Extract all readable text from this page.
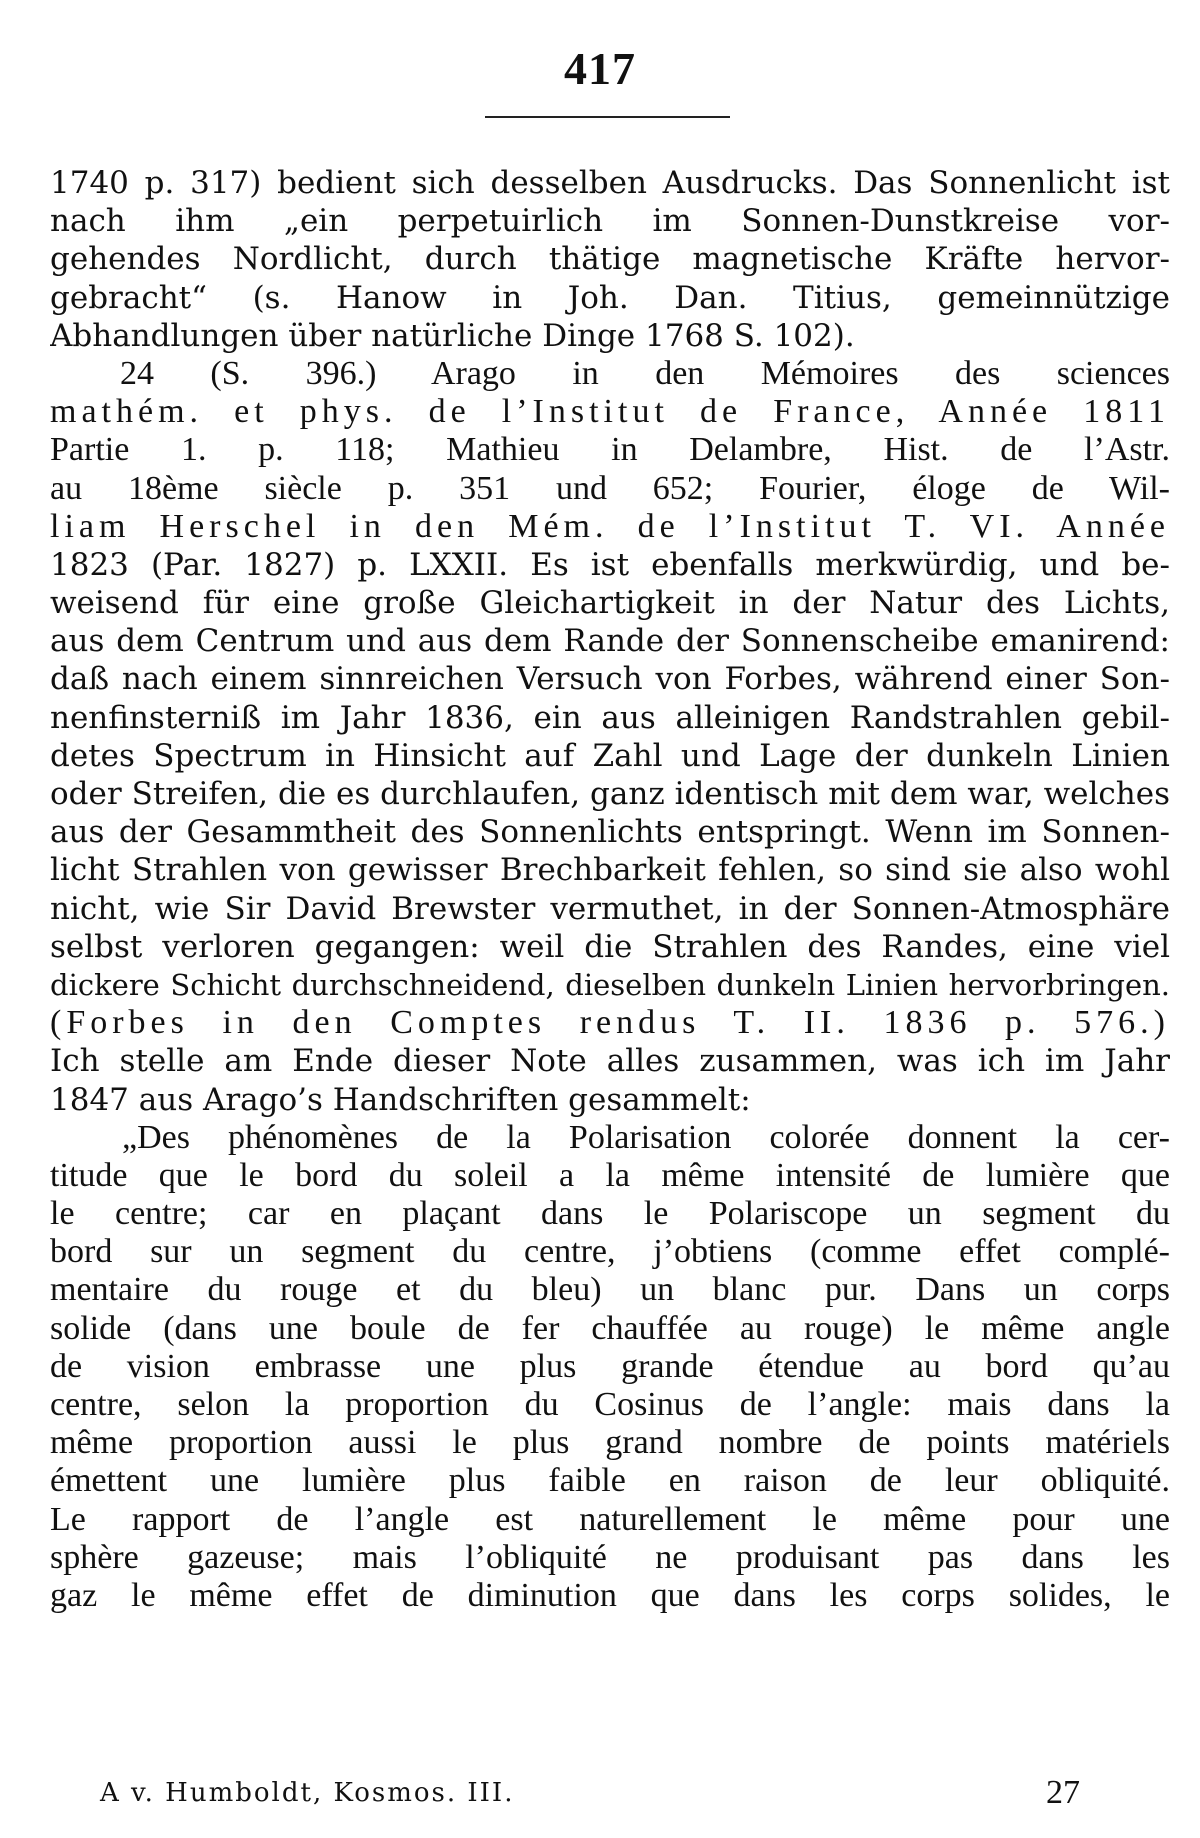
417
1740 p. 317) bedient sich desselben Ausdrucks. Das Sonnenlicht ist
nach ihm „ein perpetuirlich im Sonnen-Dunstkreise vor-
gehendes Nordlicht, durch thätige magnetische Kräfte hervor-
gebracht“ (s. Hanow in Joh. Dan. Titius, gemeinnützige
Abhandlungen über natürliche Dinge 1768 S. 102).
24 (S. 396.) Arago in den Mémoires des sciences
mathém. et phys. de l’Institut de France, Année 1811
Partie 1. p. 118; Mathieu in Delambre, Hist. de l’Astr.
au 18ème siècle p. 351 und 652; Fourier, éloge de Wil-
liam Herschel in den Mém. de l’Institut T. VI. Année
1823 (Par. 1827) p. LXXII. Es ist ebenfalls merkwürdig, und be-
weisend für eine große Gleichartigkeit in der Natur des Lichts,
aus dem Centrum und aus dem Rande der Sonnenscheibe emanirend:
daß nach einem sinnreichen Versuch von Forbes, während einer Son-
nenfinsterniß im Jahr 1836, ein aus alleinigen Randstrahlen gebil-
detes Spectrum in Hinsicht auf Zahl und Lage der dunkeln Linien
oder Streifen, die es durchlaufen, ganz identisch mit dem war, welches
aus der Gesammtheit des Sonnenlichts entspringt. Wenn im Sonnen-
licht Strahlen von gewisser Brechbarkeit fehlen, so sind sie also wohl
nicht, wie Sir David Brewster vermuthet, in der Sonnen-Atmosphäre
selbst verloren gegangen: weil die Strahlen des Randes, eine viel
dickere Schicht durchschneidend, dieselben dunkeln Linien hervorbringen.
(Forbes in den Comptes rendus T. II. 1836 p. 576.)
Ich stelle am Ende dieser Note alles zusammen, was ich im Jahr
1847 aus Arago’s Handschriften gesammelt:
„Des phénomènes de la Polarisation colorée donnent la cer-
titude que le bord du soleil a la même intensité de lumière que
le centre; car en plaçant dans le Polariscope un segment du
bord sur un segment du centre, j’obtiens (comme effet complé-
mentaire du rouge et du bleu) un blanc pur. Dans un corps
solide (dans une boule de fer chauffée au rouge) le même angle
de vision embrasse une plus grande étendue au bord qu’au
centre, selon la proportion du Cosinus de l’angle: mais dans la
même proportion aussi le plus grand nombre de points matériels
émettent une lumière plus faible en raison de leur obliquité.
Le rapport de l’angle est naturellement le même pour une
sphère gazeuse; mais l’obliquité ne produisant pas dans les
gaz le même effet de diminution que dans les corps solides, le
A v. Humboldt, Kosmos. III.	27
